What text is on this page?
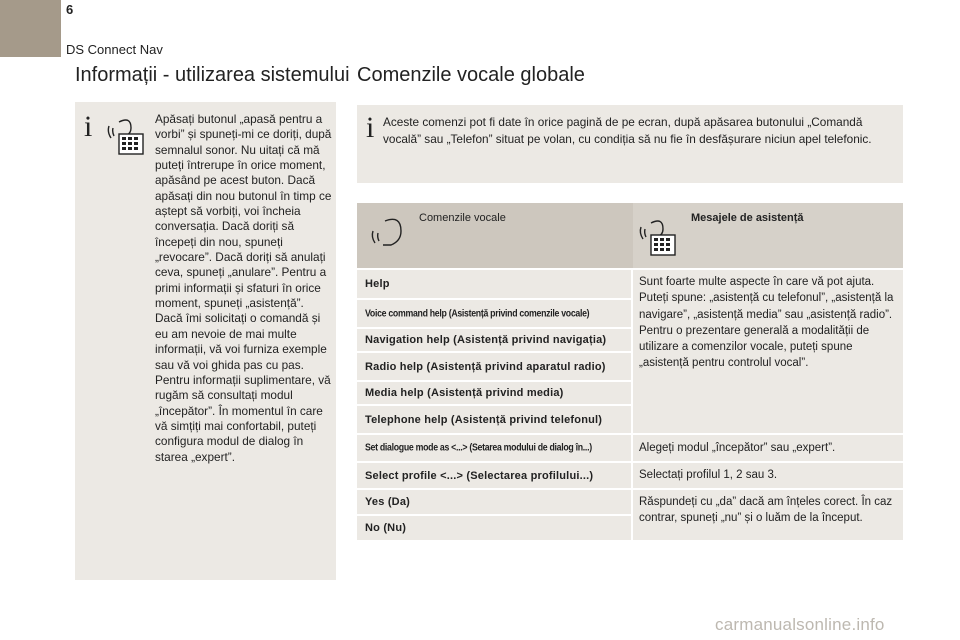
6
DS Connect Nav
Informații - utilizarea sistemului Comenzile vocale globale
i	Apăsați butonul „apasă pentru a vorbi” și spuneți-mi ce doriți, după semnalul sonor. Nu uitați că mă puteți întrerupe în orice moment, apăsând pe acest buton. Dacă apăsați din nou butonul în timp ce aștept să vorbiți, voi încheia conversația. Dacă doriți să începeți din nou, spuneți „revocare”. Dacă doriți să anulați ceva, spuneți „anulare”. Pentru a primi informații și sfaturi în orice moment, spuneți „asistență”. Dacă îmi solicitați o comandă și eu am nevoie de mai multe informații, vă voi furniza exemple sau vă voi ghida pas cu pas. Pentru informații suplimentare, vă rugăm să consultați modul „începător”. În momentul în care vă simțiți mai confortabil, puteți configura modul de dialog în starea „expert”.
i Aceste comenzi pot fi date în orice pagină de pe ecran, după apăsarea butonului „Comandă vocală” sau „Telefon” situat pe volan, cu condiția să nu fie în desfășurare niciun apel telefonic.
Comenzile vocale	Mesajele de asistență
Help
Voice command help (Asistență privind comenzile vocale)
Navigation help (Asistență privind navigația)
Radio help (Asistență privind aparatul radio)
Media help (Asistență privind media)
Telephone help (Asistență privind telefonul)
Set dialogue mode as <...> (Setarea modului de dialog în...)
Select profile <...> (Selectarea profilului...)
Yes (Da)
No (Nu)
Sunt foarte multe aspecte în care vă pot ajuta. Puteți spune: „asistență cu telefonul”, „asistență la navigare”, „asistență media” sau „asistență radio”. Pentru o prezentare generală a modalității de utilizare a comenzilor vocale, puteți spune „asistență pentru controlul vocal”.
Alegeți modul „începător” sau „expert”.
Selectați profilul 1, 2 sau 3.
Răspundeți cu „da” dacă am înțeles corect. În caz contrar, spuneți „nu” și o luăm de la început.
carmanualsonline.info
